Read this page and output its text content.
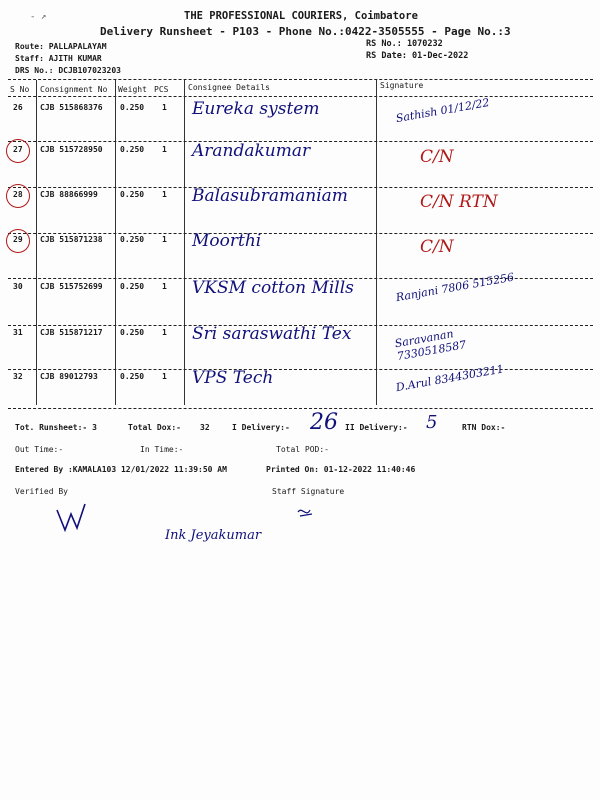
THE PROFESSIONAL COURIERS, Coimbatore
Delivery Runsheet - P103 - Phone No.:0422-3505555 - Page No.:3
Route: PALLAPALAYAM
Staff: AJITH KUMAR
DRS No.: DCJB107023203
RS No.: 1070232
RS Date: 01-Dec-2022
S No Consignment No Weight PCS Consignee Details	Signature
26 CJB 515868376 0.250 1 Eureka system	Sathish 01/12/22
27 CJB 515728950 0.250 1 Arandakumar	C/N
28 CJB 88866999	0.250 1 Balasubramaniam	C/N RTN
29 CJB 515871238 0.250 1 Moorthi	C/N
30 CJB 515752699 0.250 1 VKSM cotton Mills	Ranjani 7806 515256
31 CJB 515871217 0.250 1 Sri saraswathi Tex	Saravanan 7330518587
32 CJB 89012793	0.250 1 VPS Tech	D.Arul 8344303211
Tot. Runsheet:- 3	Total Dox:- 32	I Delivery:- 26 II Delivery:- 5	RTN Dox:-
Out Time:-	In Time:-	Total POD:-
Entered By :KAMALA103 12/01/2022 11:39:50 AM	Printed On: 01-12-2022 11:40:46
Verified By	Staff Signature
Ink Jeyakumar
- ↗
